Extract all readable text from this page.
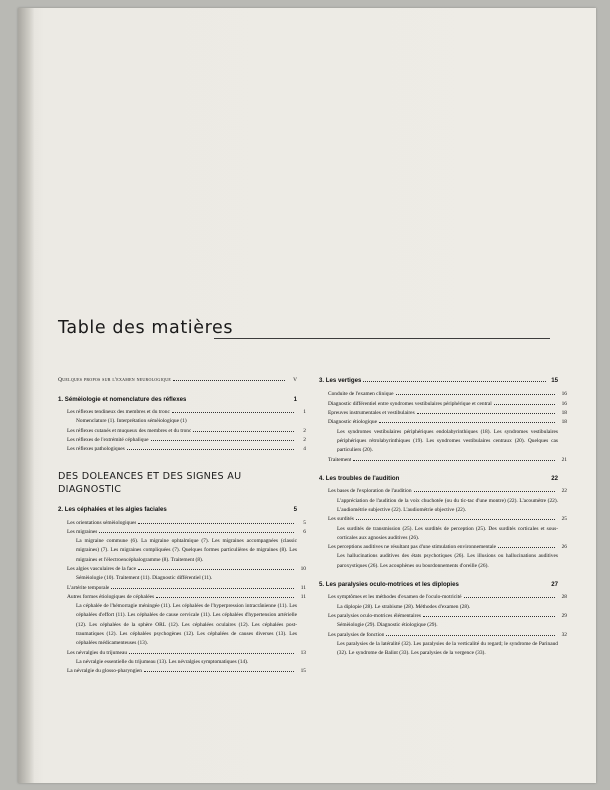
Table des matières
Quelques propos sur l'examen neurologique	V
1. Sémèiologie et nomenclature des réflexes	1
Les réflexes tendineux des membres et du tronc	1
Nomenclature (1). Interprétation sémèiologique (1)
Les réflexes cutanés et muqueux des membres et du tronc	2
Les réflexes de l'extrémité céphalique	2
Les réflexes pathologiques	4
DES DOLEANCES ET DES SIGNES AU DIAGNOSTIC
2. Les céphalées et les algies faciales	5
Les orientations sémèiologiques	5
Les migraines	6
La migraine commune (6). La migraine ophtalmique (7). Les migraines accompagnées (classic migraines) (7). Les migraines compliquées (7). Quelques formes particulières de migraines (8). Les migraines et l'électroencéphalogramme (8). Traitement (8).
Les algies vasculaires de la face	10
Sémèiologie (10). Traitement (11). Diagnostic différentiel (11).
L'artérite temporale	11
Autres formes étiologiques de céphalées	11
La céphalée de l'hémorragie méningée (11). Les céphalées de l'hyperpression intracrânienne (11). Les céphalées d'effort (11). Les céphalées de cause cervicale (11). Les céphalées d'hypertension artérielle (12). Les céphalées de la sphère ORL (12). Les céphalées oculaires (12). Les céphalées post-traumatiques (12). Les céphalées psychogènes (12). Les céphalées de causes diverses (13). Les céphalées médicamenteuses (13).
Les névralgies du trijumeau	13
La névralgie essentielle du trijumeau (13). Les névralgies symptomatiques (14).
La névralgie du glosso-pharyngien	15
3. Les vertiges	15
Conduite de l'examen clinique	16
Diagnostic différentiel entre syndromes vestibulaires périphérique et central	16
Epreuves instrumentales et vestibulaires	18
Diagnostic étiologique	18
Les syndromes vestibulaires périphériques endolabyrinthiques (18). Les syndromes vestibulaires périphériques rétrolabyrinthiques (19). Les syndromes vestibulaires centraux (20). Quelques cas particuliers (20).
Traitement	21
4. Les troubles de l'audition	22
Les bases de l'exploration de l'audition	22
L'appréciation de l'audition de la voix chuchotée (ou du tic-tac d'une montre) (22). L'acoumètre (22). L'audiométrie subjective (22). L'audiométrie objective (22).
Les surdités	25
Les surdités de transmission (25). Les surdités de perception (25). Des surdités corticales et sous-corticales aux agnosies auditives (26).
Les perceptions auditives ne résultant pas d'une stimulation environnementale	26
Les hallucinations auditives des états psychotiques (26). Les illusions ou hallucinations auditives paroxystiques (26). Les acouphènes ou bourdonnements d'oreille (26).
5. Les paralysies oculo-motrices et les diplopies	27
Les symptômes et les méthodes d'examen de l'oculo-motricité	28
La diplopie (28). Le strabisme (28). Méthodes d'examen (28).
Les paralysies oculo-motrices élémentaires	29
Sémèiologie (29). Diagnostic étiologique (29).
Les paralysies de fonction	32
Les paralysies de la latéralité (32). Les paralysies de la verticalité du regard; le syndrome de Parinaud (32). Le syndrome de Balint (33). Les paralysies de la vergence (33).
